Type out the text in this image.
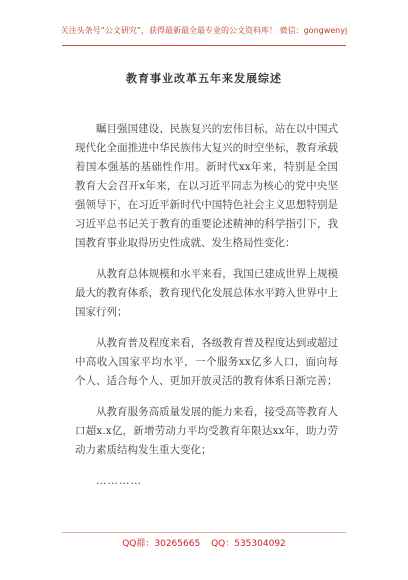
关注头条号“公文研究”，获得最新最全最专业的公文资料库！ 微信：gongwenyj
教育事业改革五年来发展综述

瞩目强国建设、民族复兴的宏伟目标，站在以中国式现代化全面推进中华民族伟大复兴的时空坐标，教育承载着国本强基的基础性作用。新时代xx年来，特别是全国教育大会召开x年来，在以习近平同志为核心的党中央坚强领导下，在习近平新时代中国特色社会主义思想特别是习近平总书记关于教育的重要论述精神的科学指引下，我国教育事业取得历史性成就、发生格局性变化：

从教育总体规模和水平来看，我国已建成世界上规模最大的教育体系，教育现代化发展总体水平跨入世界中上国家行列；

从教育普及程度来看，各级教育普及程度达到或超过中高收入国家平均水平，一个服务xx亿多人口，面向每个人、适合每个人、更加开放灵活的教育体系日渐完善；

从教育服务高质量发展的能力来看，接受高等教育人口超x.x亿，新增劳动力平均受教育年限达xx年，助力劳动力素质结构发生重大变化；

…………

QQ群：30265665 QQ：535304092
